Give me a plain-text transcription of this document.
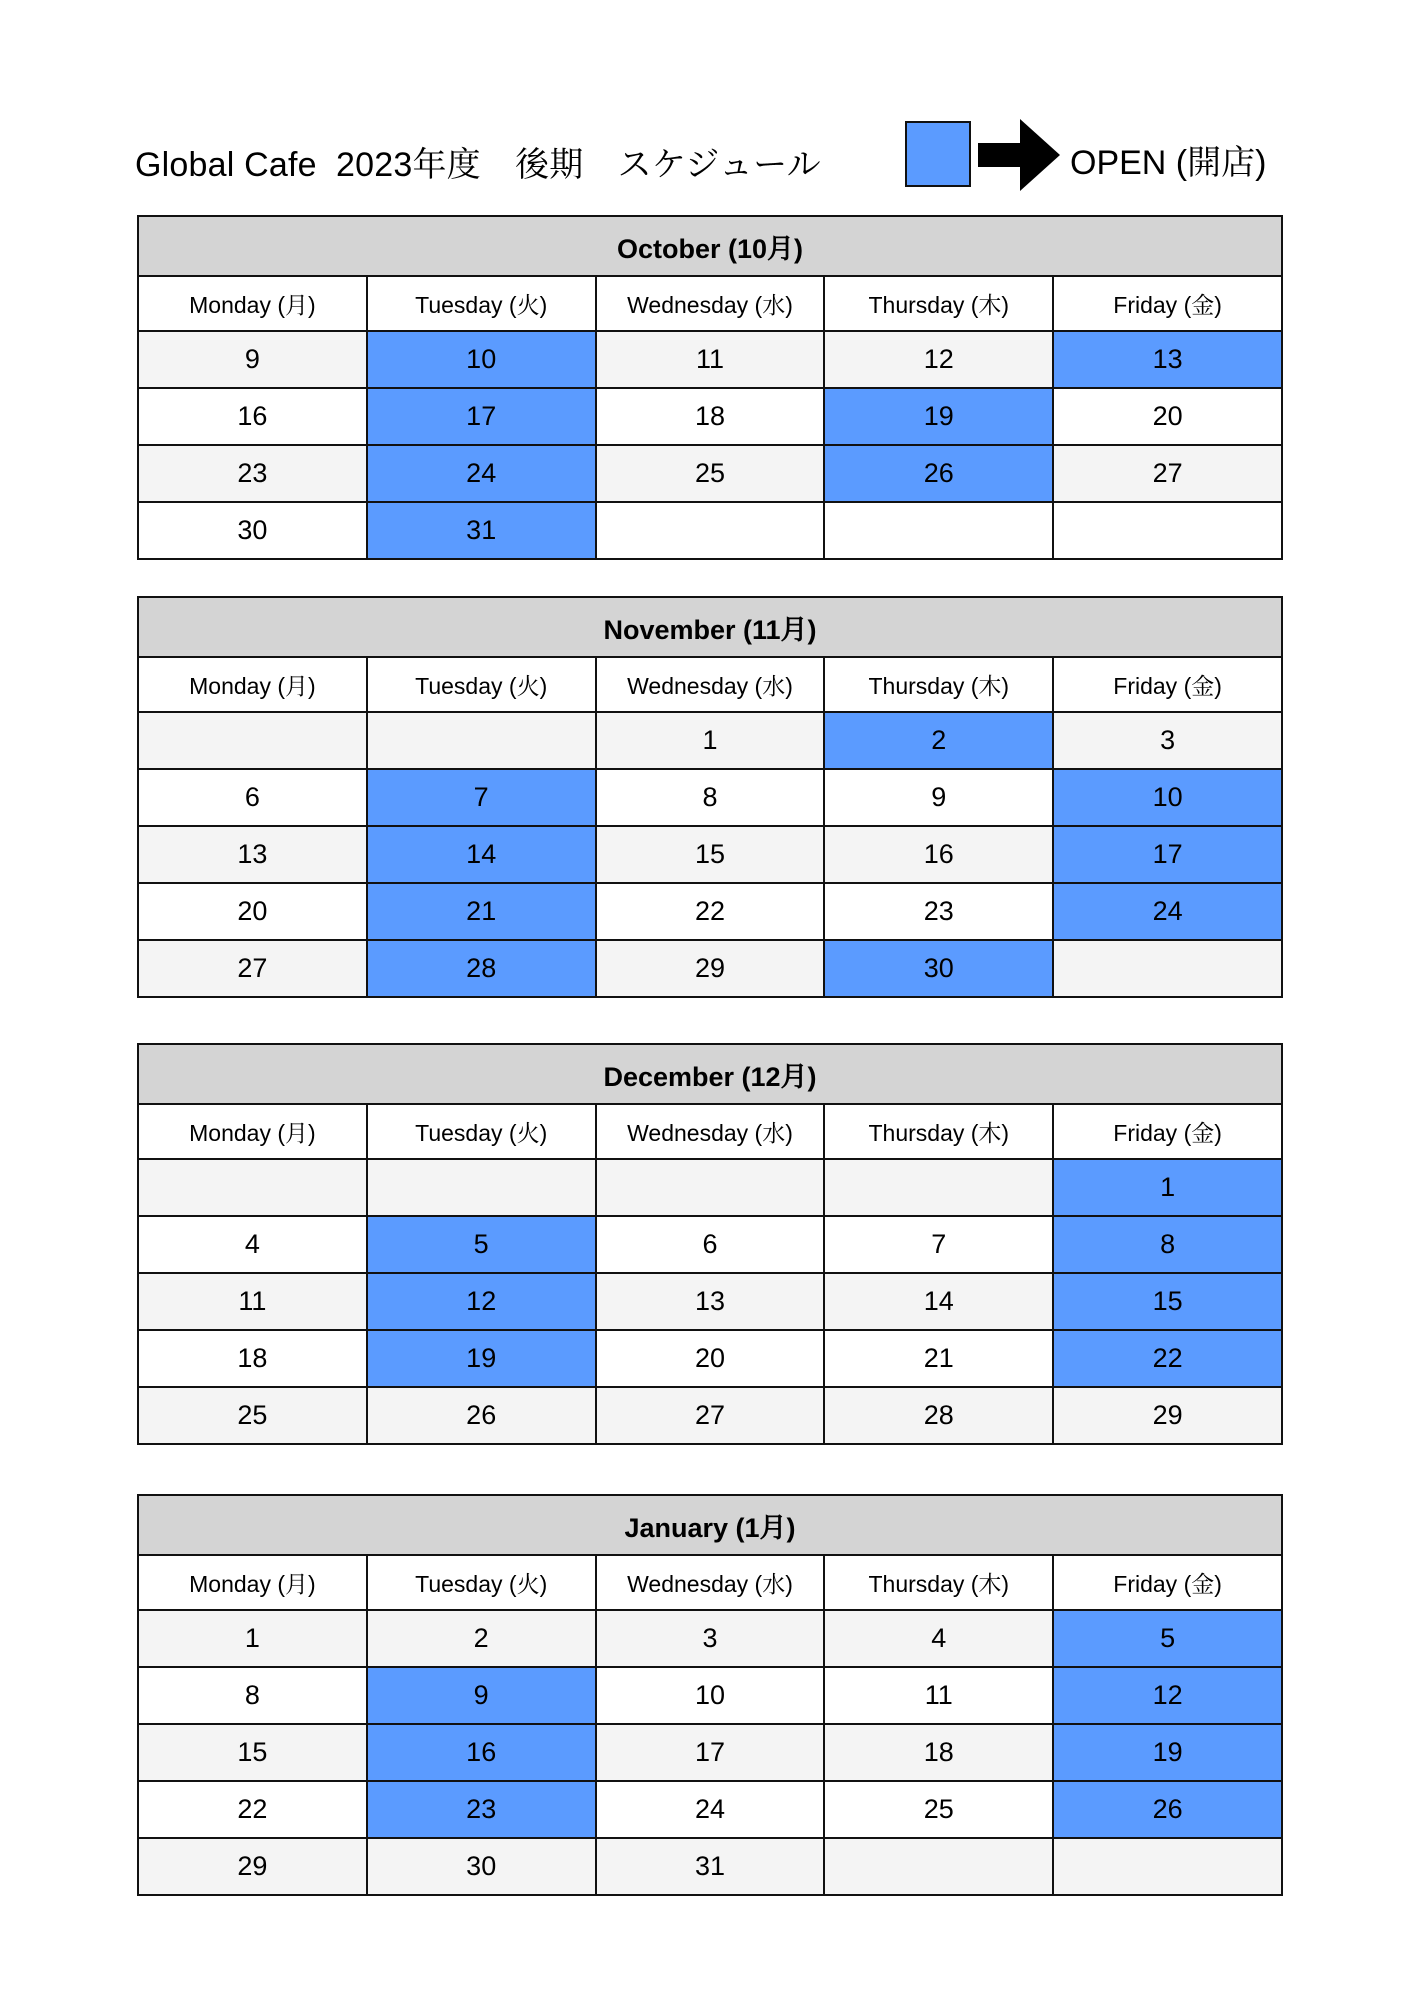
Global Cafe  2023年度　後期　スケジュール	OPEN (開店)
October (10月)				
Monday (月)	Tuesday (火)	Wednesday (水)	Thursday (木)	Friday (金)
9	10	11	12	13
16	17	18	19	20
23	24	25	26	27
30	31			
November (11月)				
Monday (月)	Tuesday (火)	Wednesday (水)	Thursday (木)	Friday (金)
		1	2	3
6	7	8	9	10
13	14	15	16	17
20	21	22	23	24
27	28	29	30	
December (12月)				
Monday (月)	Tuesday (火)	Wednesday (水)	Thursday (木)	Friday (金)
				1
4	5	6	7	8
11	12	13	14	15
18	19	20	21	22
25	26	27	28	29
January (1月)				
Monday (月)	Tuesday (火)	Wednesday (水)	Thursday (木)	Friday (金)
1	2	3	4	5
8	9	10	11	12
15	16	17	18	19
22	23	24	25	26
29	30	31		
